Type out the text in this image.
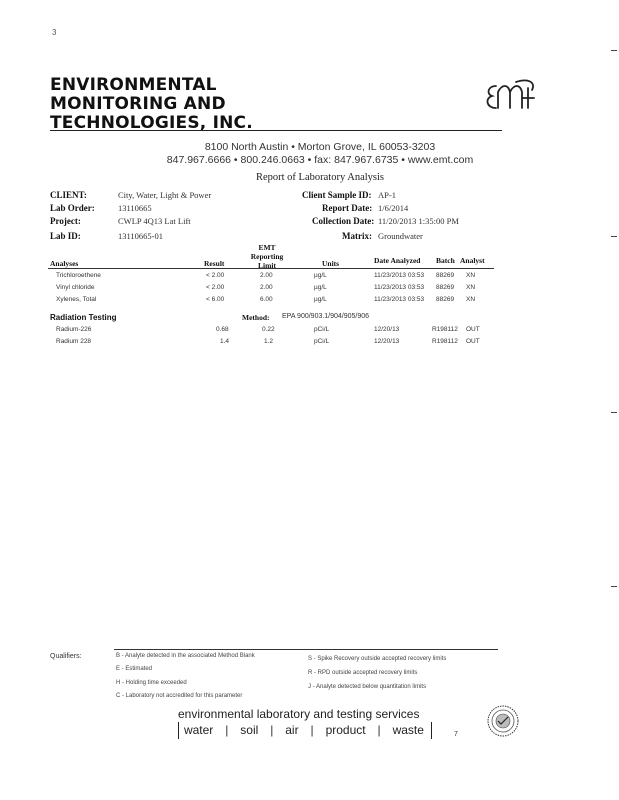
3
ENVIRONMENTAL
MONITORING AND
TECHNOLOGIES, INC.
8100 North Austin • Morton Grove, IL 60053-3203
847.967.6666 • 800.246.0663 • fax: 847.967.6735 • www.emt.com
Report of Laboratory Analysis
CLIENT:	City, Water, Light & Power
Lab Order:	13110665
Project:	CWLP 4Q13 Lat Lift
Lab ID:	13110665-01
Client Sample ID: AP-1
Report Date: 1/6/2014
Collection Date: 11/20/2013 1:35:00 PM
Matrix: Groundwater
Analyses	Result
EMT
Reporting
Limit	Units	Date Analyzed Batch Analyst
Trichloroethene	< 2.00	2.00	µg/L	11/23/2013 03:53 88269 XN
Vinyl chloride	< 2.00	2.00	µg/L	11/23/2013 03:53 88269 XN
Xylenes, Total	< 6.00	6.00	µg/L	11/23/2013 03:53 88269 XN
Radiation Testing	Method: EPA 900/903.1/904/905/906
Radium-226	0.68	0.22	pCi/L	12/20/13	R198112 OUT
Radium 228	1.4	1.2	pCi/L	12/20/13	R198112 OUT
Qualifiers:	B - Analyte detected in the associated Method Blank
E - Estimated
H - Holding time exceeded
C - Laboratory not accredited for this parameter
S - Spike Recovery outside accepted recovery limits
R - RPD outside accepted recovery limits
J - Analyte detected below quantitation limits
environmental laboratory and testing services
water | soil | air | product | waste	7
